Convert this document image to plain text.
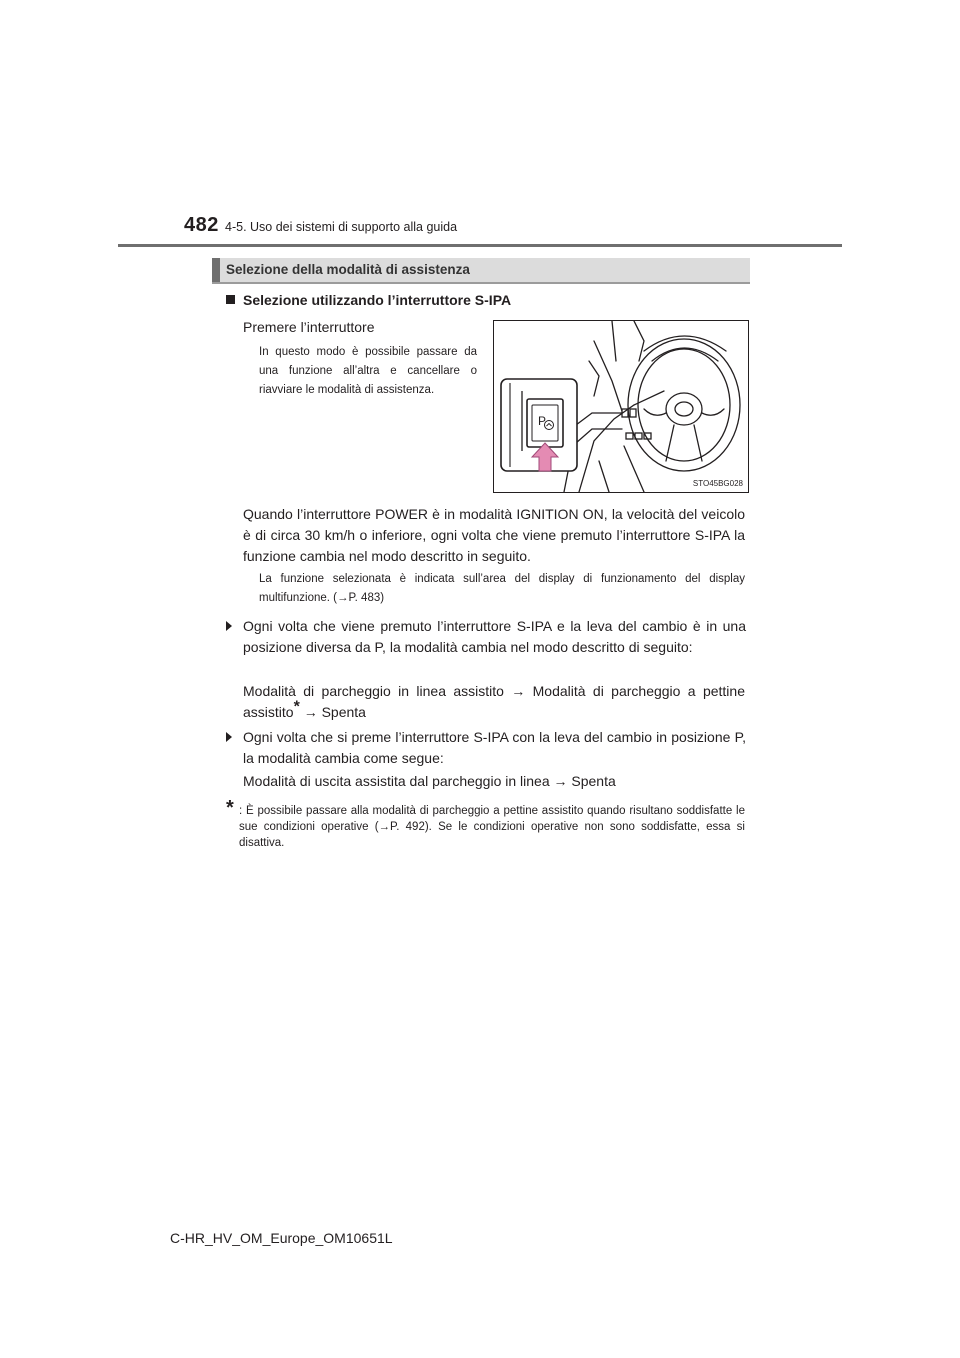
482 4-5. Uso dei sistemi di supporto alla guida
Selezione della modalità di assistenza
Selezione utilizzando l’interruttore S-IPA
Premere l’interruttore
In questo modo è possibile passare da una funzione all’altra e cancellare o riavviare le modalità di assistenza.
P
STO45BG028
Quando l’interruttore POWER è in modalità IGNITION ON, la velocità del veicolo è di circa 30 km/h o inferiore, ogni volta che viene premuto l’interruttore S-IPA la funzione cambia nel modo descritto in seguito.
La funzione selezionata è indicata sull’area del display di funzionamento del display multifunzione. (→P. 483)
Ogni volta che viene premuto l’interruttore S-IPA e la leva del cambio è in una posizione diversa da P, la modalità cambia nel modo descritto di seguito:
Modalità di parcheggio in linea assistito → Modalità di parcheggio a pettine assistito* → Spenta
Ogni volta che si preme l’interruttore S-IPA con la leva del cambio in posizione P, la modalità cambia come segue:
Modalità di uscita assistita dal parcheggio in linea → Spenta
* : È possibile passare alla modalità di parcheggio a pettine assistito quando risultano soddisfatte le sue condizioni operative (→P. 492). Se le condizioni operative non sono soddisfatte, essa si disattiva.
C-HR_HV_OM_Europe_OM10651L
